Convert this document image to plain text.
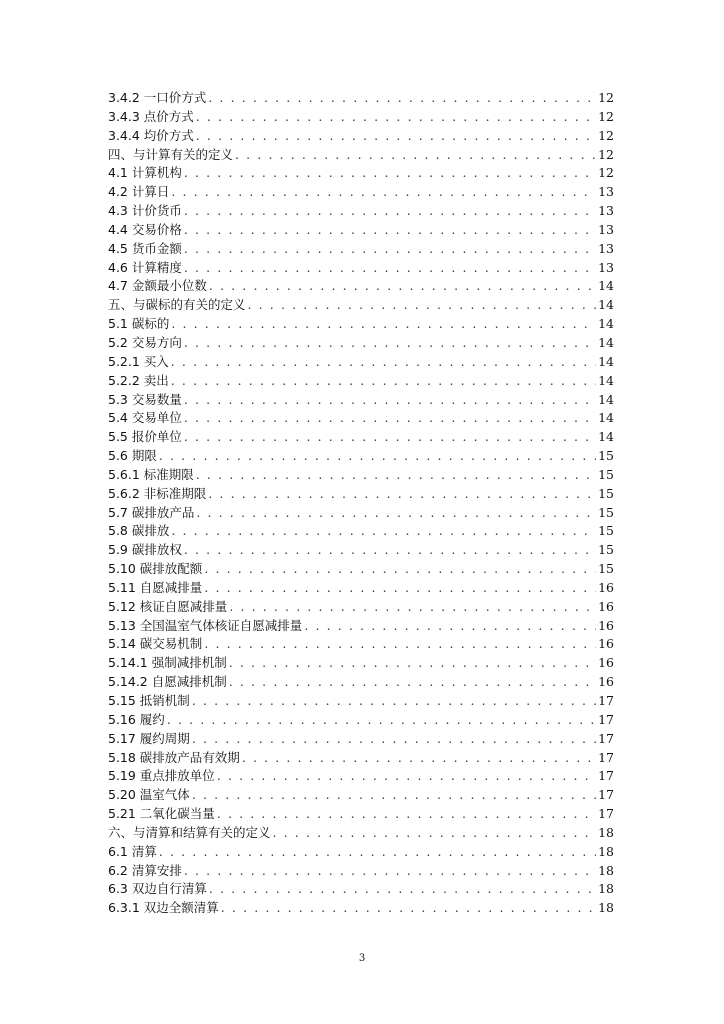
3.4.2 一口价方式 . . .	12
3.4.3 点价方式 . . .	12
3.4.4 均价方式 . . .	12
四、与计算有关的定义 . . .	12
4.1 计算机构 . . .	12
4.2 计算日 . . .	13
4.3 计价货币 . . .	13
4.4 交易价格 . . .	13
4.5 货币金额 . . .	13
4.6 计算精度 . . .	13
4.7 金额最小位数 . . .	14
五、与碳标的有关的定义 . . .	14
5.1 碳标的 . . .	14
5.2 交易方向 . . .	14
5.2.1 买入 . . .	14
5.2.2 卖出 . . .	14
5.3 交易数量 . . .	14
5.4 交易单位 . . .	14
5.5 报价单位 . . .	14
5.6 期限 . . .	15
5.6.1 标准期限 . . .	15
5.6.2 非标准期限 . . .	15
5.7 碳排放产品 . . .	15
5.8 碳排放 . . .	15
5.9 碳排放权 . . .	15
5.10 碳排放配额 . . .	15
5.11 自愿减排量 . . .	16
5.12 核证自愿减排量 . . .	16
5.13 全国温室气体核证自愿减排量 . . .	16
5.14 碳交易机制 . . .	16
5.14.1 强制减排机制 . . .	16
5.14.2 自愿减排机制 . . .	16
5.15 抵销机制 . . .	17
5.16 履约 . . .	17
5.17 履约周期 . . .	17
5.18 碳排放产品有效期 . . .	17
5.19 重点排放单位 . . .	17
5.20 温室气体 . . .	17
5.21 二氧化碳当量 . . .	17
六、与清算和结算有关的定义 . . .	18
6.1 清算 . . .	18
6.2 清算安排 . . .	18
6.3 双边自行清算 . . .	18
6.3.1 双边全额清算 . . .	18
3
